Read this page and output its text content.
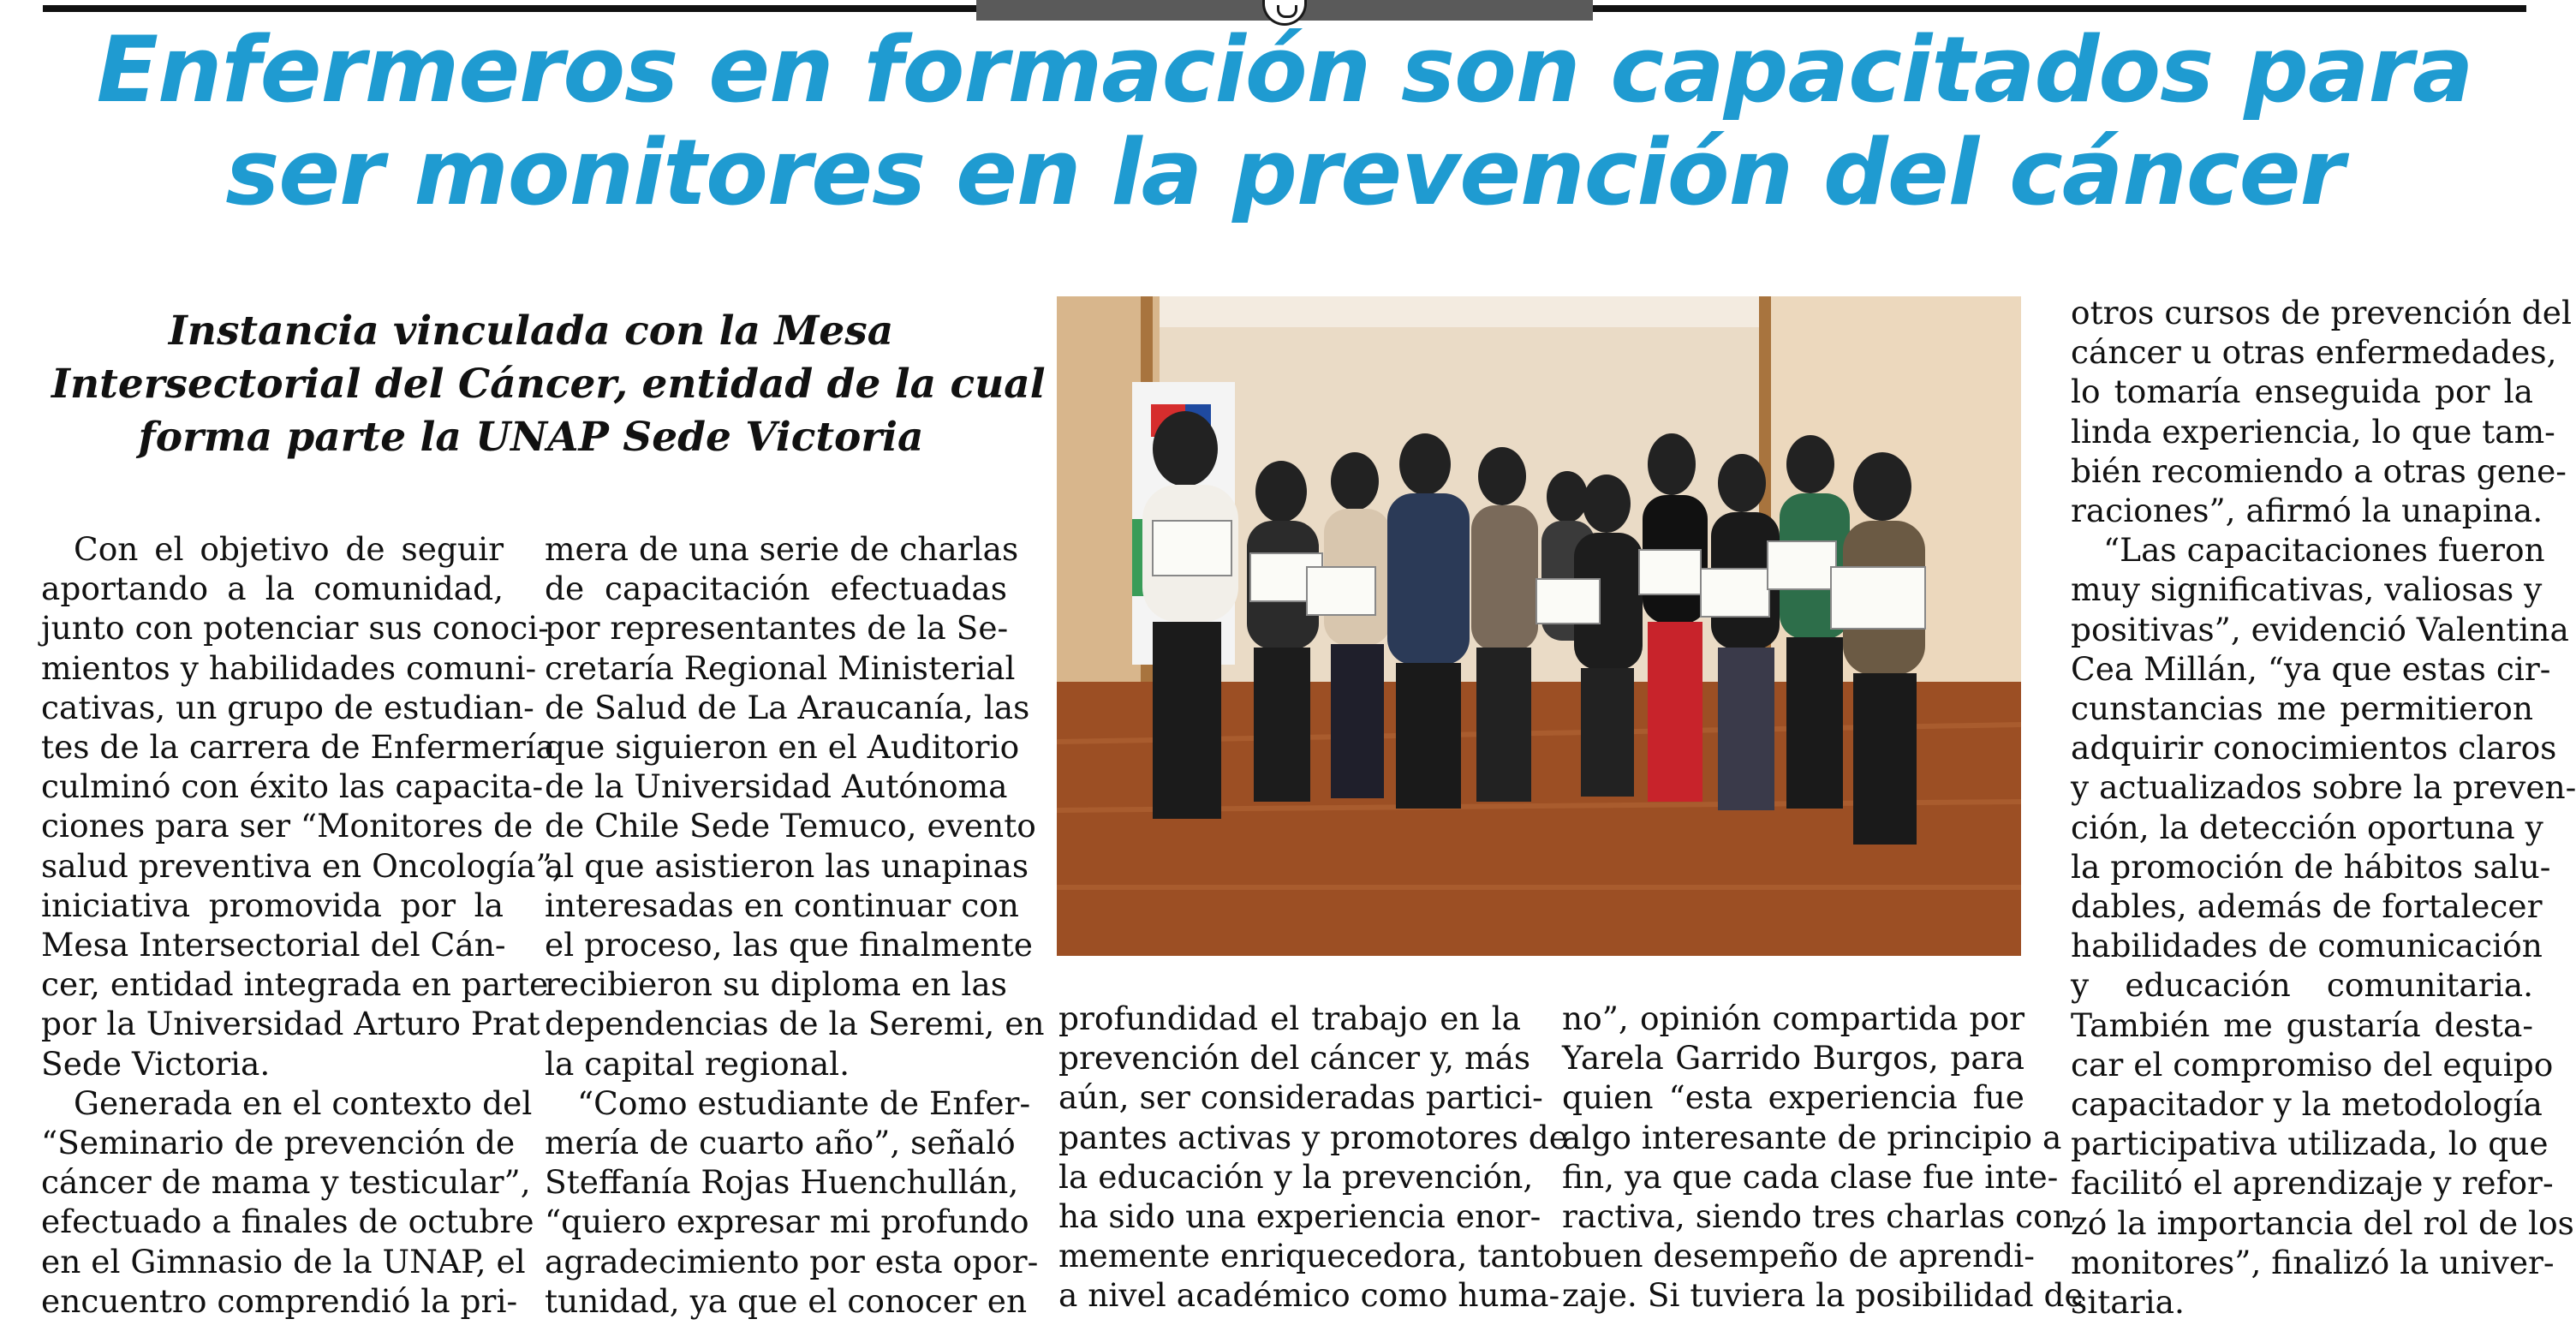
Enfermeros en formación son capacitados para
ser monitores en la prevención del cáncer
Instancia vinculada con la Mesa
Intersectorial del Cáncer, entidad de la cual
forma parte la UNAP Sede Victoria
Con el objetivo de seguir
aportando a la comunidad,
junto con potenciar sus conoci-
mientos y habilidades comuni-
cativas, un grupo de estudian-
tes de la carrera de Enfermería
culminó con éxito las capacita-
ciones para ser “Monitores de
salud preventiva en Oncología”,
iniciativa promovida por la
Mesa Intersectorial del Cán-
cer, entidad integrada en parte
por la Universidad Arturo Prat
Sede Victoria.
Generada en el contexto del
“Seminario de prevención de
cáncer de mama y testicular”,
efectuado a finales de octubre
en el Gimnasio de la UNAP, el
encuentro comprendió la pri-
mera de una serie de charlas
de capacitación efectuadas
por representantes de la Se-
cretaría Regional Ministerial
de Salud de La Araucanía, las
que siguieron en el Auditorio
de la Universidad Autónoma
de Chile Sede Temuco, evento
al que asistieron las unapinas
interesadas en continuar con
el proceso, las que finalmente
recibieron su diploma en las
dependencias de la Seremi, en
la capital regional.
“Como estudiante de Enfer-
mería de cuarto año”, señaló
Steffanía Rojas Huenchullán,
“quiero expresar mi profundo
agradecimiento por esta opor-
tunidad, ya que el conocer en
profundidad el trabajo en la
prevención del cáncer y, más
aún, ser consideradas partici-
pantes activas y promotores de
la educación y la prevención,
ha sido una experiencia enor-
memente enriquecedora, tanto
a nivel académico como huma-
no”, opinión compartida por
Yarela Garrido Burgos, para
quien “esta experiencia fue
algo interesante de principio a
fin, ya que cada clase fue inte-
ractiva, siendo tres charlas con
buen desempeño de aprendi-
zaje. Si tuviera la posibilidad de
otros cursos de prevención del
cáncer u otras enfermedades,
lo tomaría enseguida por la
linda experiencia, lo que tam-
bién recomiendo a otras gene-
raciones”, afirmó la unapina.
“Las capacitaciones fueron
muy significativas, valiosas y
positivas”, evidenció Valentina
Cea Millán, “ya que estas cir-
cunstancias me permitieron
adquirir conocimientos claros
y actualizados sobre la preven-
ción, la detección oportuna y
la promoción de hábitos salu-
dables, además de fortalecer
habilidades de comunicación
y educación comunitaria.
También me gustaría desta-
car el compromiso del equipo
capacitador y la metodología
participativa utilizada, lo que
facilitó el aprendizaje y refor-
zó la importancia del rol de los
monitores”, finalizó la univer-
sitaria.
